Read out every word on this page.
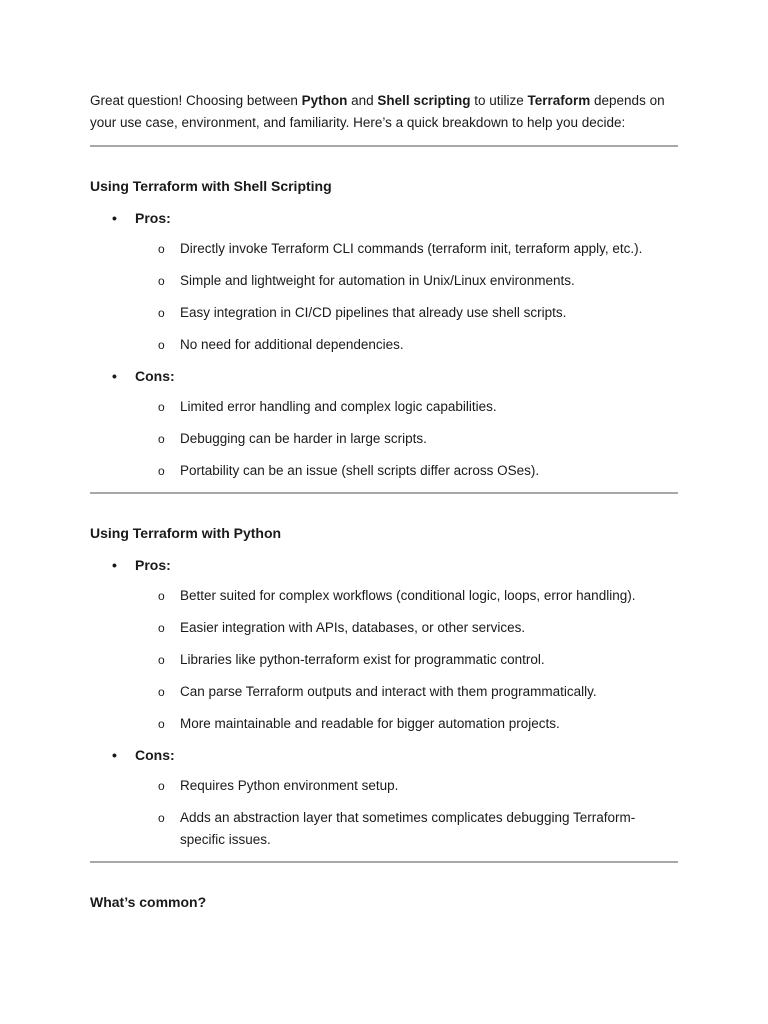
Great question! Choosing between Python and Shell scripting to utilize Terraform depends on your use case, environment, and familiarity. Here’s a quick breakdown to help you decide:

Using Terraform with Shell Scripting
• Pros:
o Directly invoke Terraform CLI commands (terraform init, terraform apply, etc.).
o Simple and lightweight for automation in Unix/Linux environments.
o Easy integration in CI/CD pipelines that already use shell scripts.
o No need for additional dependencies.
• Cons:
o Limited error handling and complex logic capabilities.
o Debugging can be harder in large scripts.
o Portability can be an issue (shell scripts differ across OSes).
Using Terraform with Python
• Pros:
o Better suited for complex workflows (conditional logic, loops, error handling).
o Easier integration with APIs, databases, or other services.
o Libraries like python-terraform exist for programmatic control.
o Can parse Terraform outputs and interact with them programmatically.
o More maintainable and readable for bigger automation projects.
• Cons:
o Requires Python environment setup.
o Adds an abstraction layer that sometimes complicates debugging Terraform-specific issues.
What’s common?
